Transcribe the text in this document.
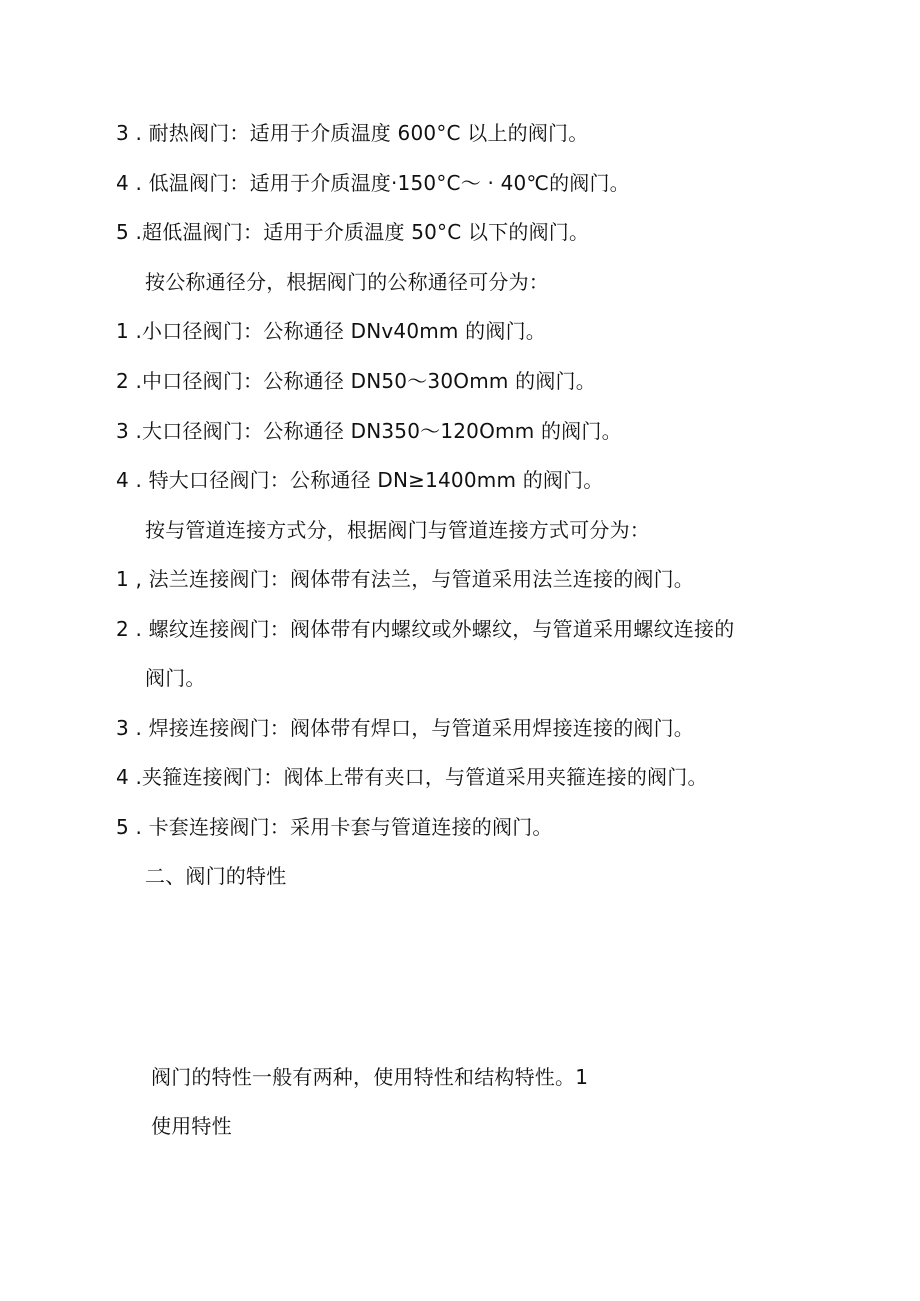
3 . 耐热阀门：适用于介质温度 600°C 以上的阀门。
4 . 低温阀门：适用于介质温度·150°C～ · 40℃的阀门。
5 .超低温阀门：适用于介质温度 50°C 以下的阀门。
按公称通径分，根据阀门的公称通径可分为：
1 .小口径阀门：公称通径 DNv40mm 的阀门。
2 .中口径阀门：公称通径 DN50～30Omm 的阀门。
3 .大口径阀门：公称通径 DN350～120Omm 的阀门。
4 . 特大口径阀门：公称通径 DN≥1400mm 的阀门。
按与管道连接方式分，根据阀门与管道连接方式可分为：
1 , 法兰连接阀门：阀体带有法兰，与管道采用法兰连接的阀门。
2 . 螺纹连接阀门：阀体带有内螺纹或外螺纹，与管道采用螺纹连接的
阀门。
3 . 焊接连接阀门：阀体带有焊口，与管道采用焊接连接的阀门。
4 .夹箍连接阀门：阀体上带有夹口，与管道采用夹箍连接的阀门。
5 . 卡套连接阀门：采用卡套与管道连接的阀门。
二、阀门的特性
阀门的特性一般有两种，使用特性和结构特性。1
使用特性
